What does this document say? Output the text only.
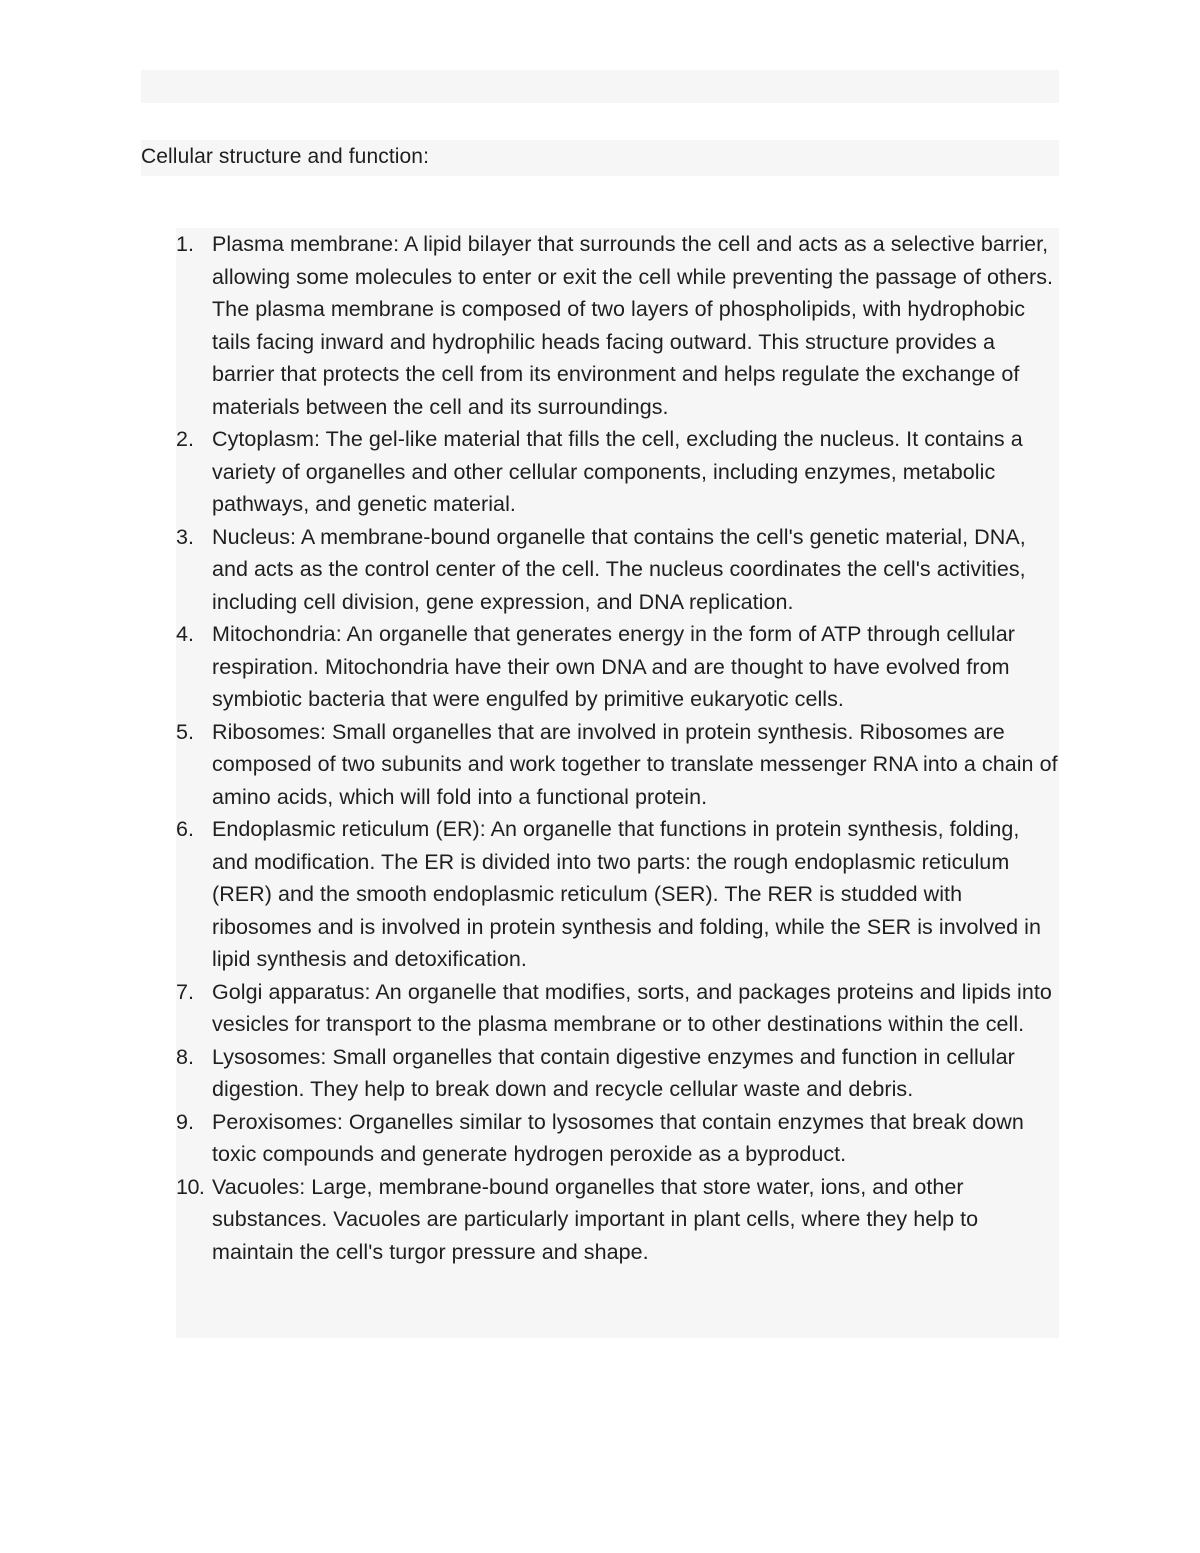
Cellular structure and function:
1. Plasma membrane: A lipid bilayer that surrounds the cell and acts as a selective barrier, allowing some molecules to enter or exit the cell while preventing the passage of others. The plasma membrane is composed of two layers of phospholipids, with hydrophobic tails facing inward and hydrophilic heads facing outward. This structure provides a barrier that protects the cell from its environment and helps regulate the exchange of materials between the cell and its surroundings.
2. Cytoplasm: The gel-like material that fills the cell, excluding the nucleus. It contains a variety of organelles and other cellular components, including enzymes, metabolic pathways, and genetic material.
3. Nucleus: A membrane-bound organelle that contains the cell's genetic material, DNA, and acts as the control center of the cell. The nucleus coordinates the cell's activities, including cell division, gene expression, and DNA replication.
4. Mitochondria: An organelle that generates energy in the form of ATP through cellular respiration. Mitochondria have their own DNA and are thought to have evolved from symbiotic bacteria that were engulfed by primitive eukaryotic cells.
5. Ribosomes: Small organelles that are involved in protein synthesis. Ribosomes are composed of two subunits and work together to translate messenger RNA into a chain of amino acids, which will fold into a functional protein.
6. Endoplasmic reticulum (ER): An organelle that functions in protein synthesis, folding, and modification. The ER is divided into two parts: the rough endoplasmic reticulum (RER) and the smooth endoplasmic reticulum (SER). The RER is studded with ribosomes and is involved in protein synthesis and folding, while the SER is involved in lipid synthesis and detoxification.
7. Golgi apparatus: An organelle that modifies, sorts, and packages proteins and lipids into vesicles for transport to the plasma membrane or to other destinations within the cell.
8. Lysosomes: Small organelles that contain digestive enzymes and function in cellular digestion. They help to break down and recycle cellular waste and debris.
9. Peroxisomes: Organelles similar to lysosomes that contain enzymes that break down toxic compounds and generate hydrogen peroxide as a byproduct.
10. Vacuoles: Large, membrane-bound organelles that store water, ions, and other substances. Vacuoles are particularly important in plant cells, where they help to maintain the cell's turgor pressure and shape.
